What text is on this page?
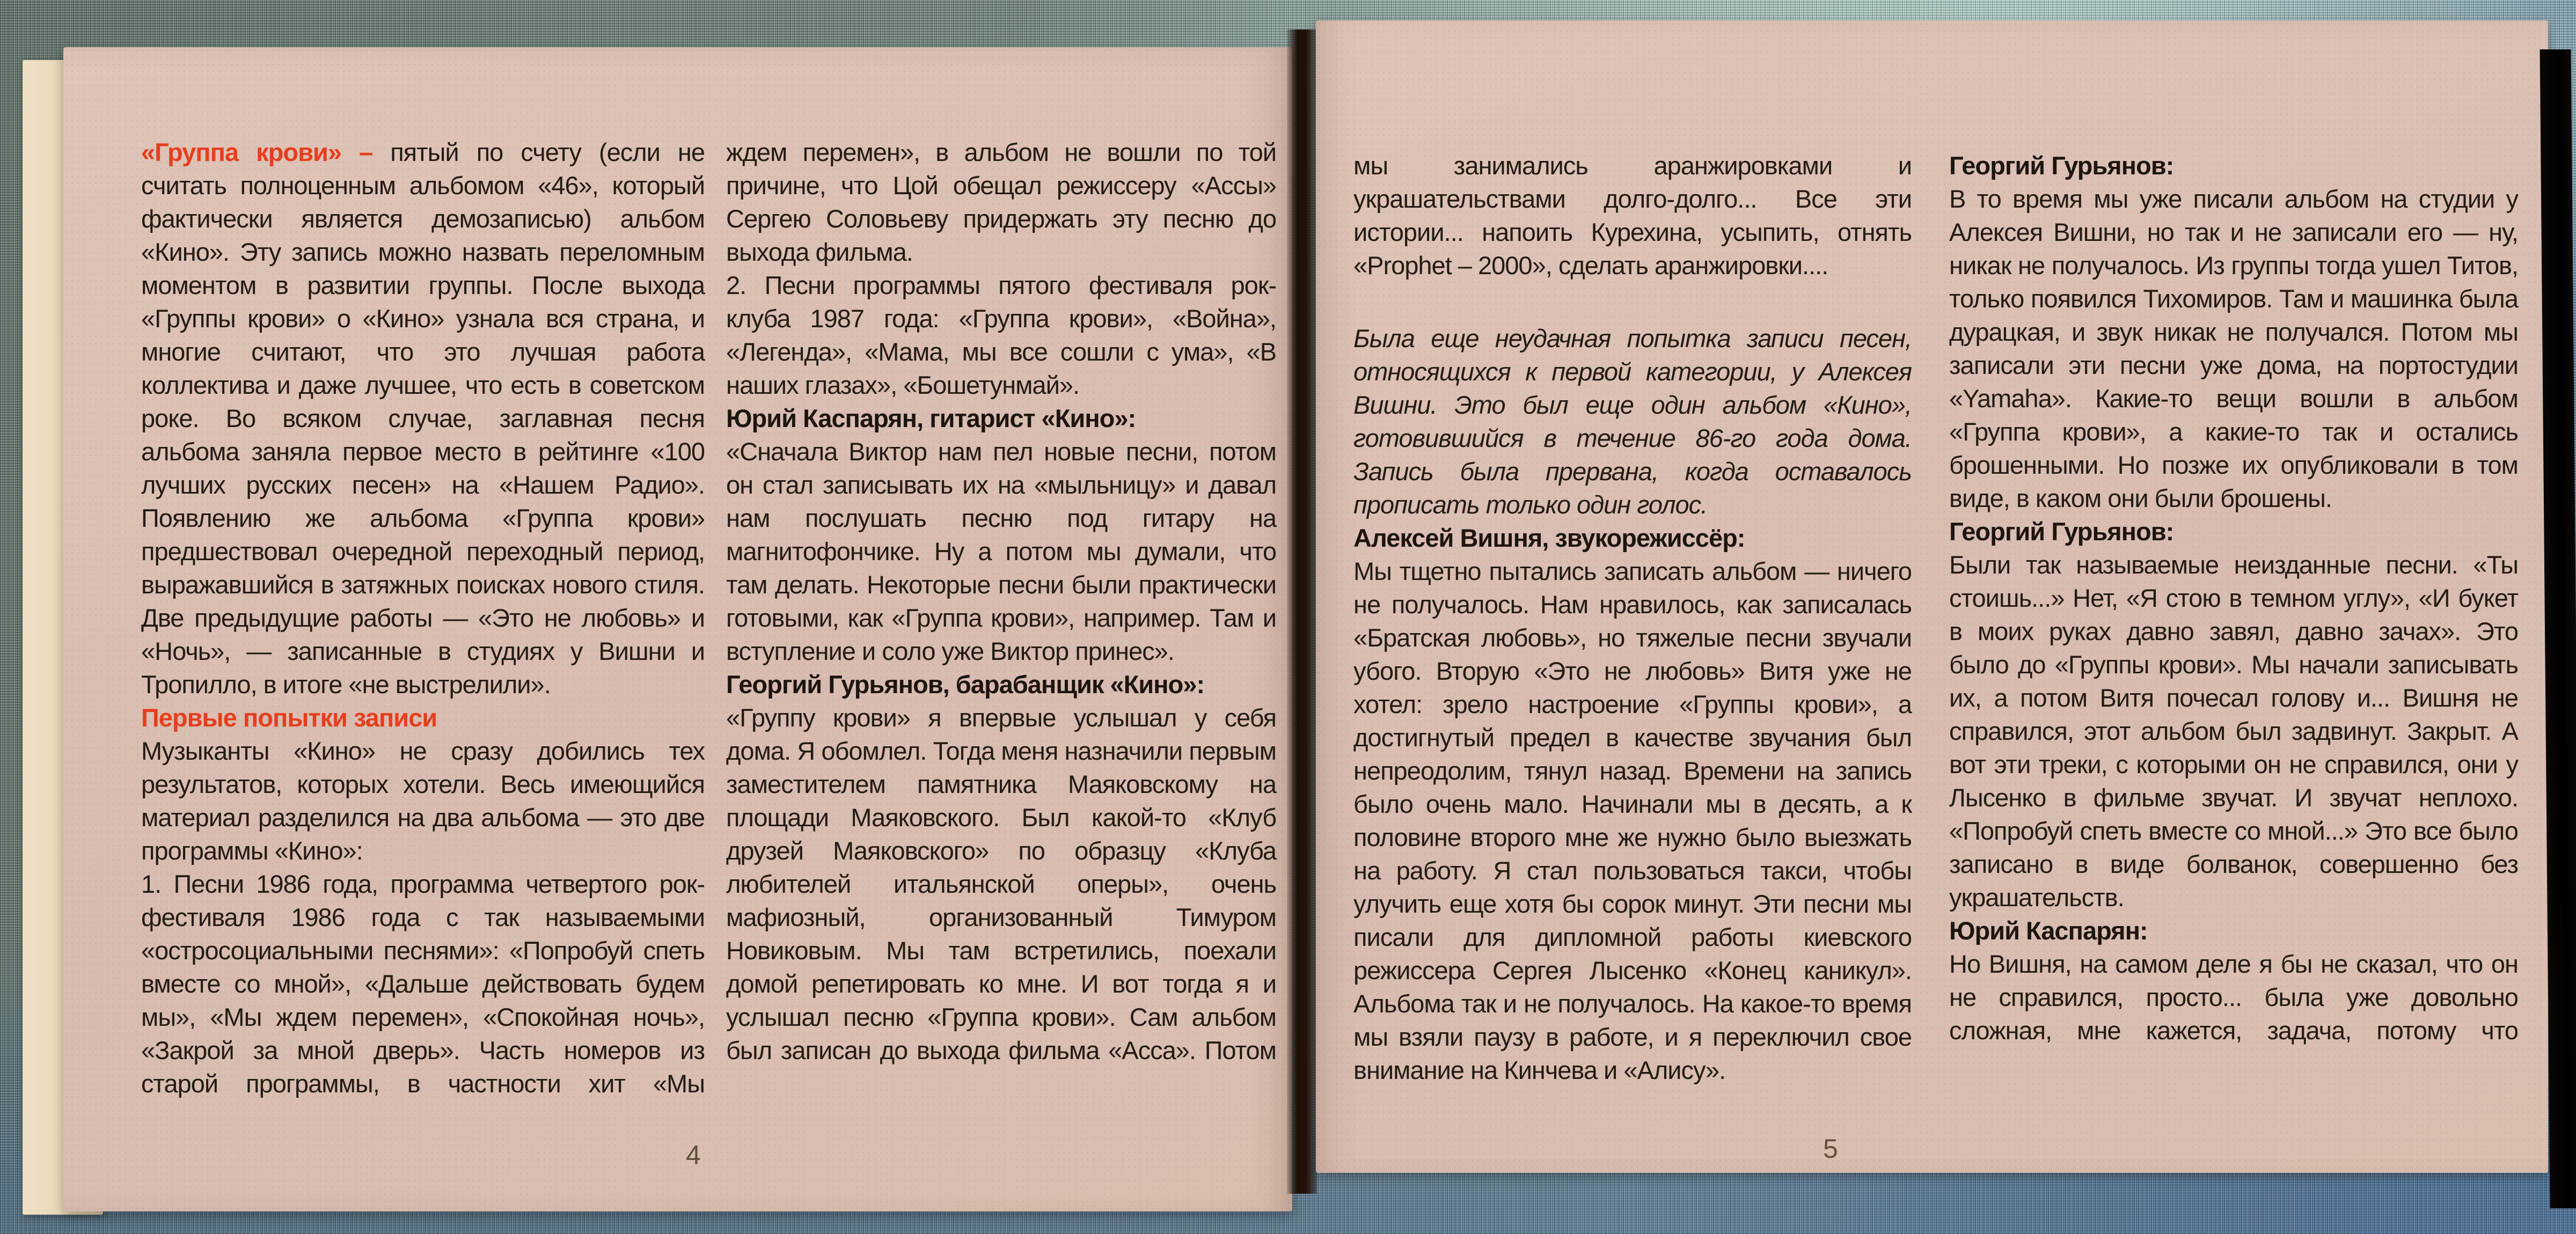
«Группа крови» – пятый по счету (если не считать полноценным альбомом «46», который фактически является демозаписью) альбом «Кино». Эту запись можно назвать переломным моментом в развитии группы. После выхода «Группы крови» о «Кино» узнала вся страна, и многие считают, что это лучшая работа коллектива и даже лучшее, что есть в советском роке. Во всяком случае, заглавная песня альбома заняла первое место в рейтинге «100 лучших русских песен» на «Нашем Радио». Появлению же альбома «Группа крови» предшествовал очередной переходный период, выражавшийся в затяжных поисках нового стиля. Две предыдущие работы — «Это не любовь» и «Ночь», — записанные в студиях у Вишни и Тропилло, в итоге «не выстрелили».

Первые попытки записи

Музыканты «Кино» не сразу добились тех результатов, которых хотели. Весь имеющийся материал разделился на два альбома — это две программы «Кино»:

1. Песни 1986 года, программа четвертого рок-фестиваля 1986 года с так называемыми «остросоциальными песнями»: «Попробуй спеть вместе со мной», «Дальше действовать будем мы», «Мы ждем перемен», «Спокойная ночь», «Закрой за мной дверь». Часть номеров из старой программы, в частности хит «Мы

ждем перемен», в альбом не вошли по той причине, что Цой обещал режиссеру «Ассы» Сергею Соловьеву придержать эту песню до выхода фильма.

2. Песни программы пятого фестиваля рок-клуба 1987 года: «Группа крови», «Война», «Легенда», «Мама, мы все сошли с ума», «В наших глазах», «Бошетунмай».

Юрий Каспарян, гитарист «Кино»:

«Сначала Виктор нам пел новые песни, потом он стал записывать их на «мыльницу» и давал нам послушать песню под гитару на магнитофончике. Ну а потом мы думали, что там делать. Некоторые песни были практически готовыми, как «Группа крови», например. Там и вступление и соло уже Виктор принес».

Георгий Гурьянов, барабанщик «Кино»:

«Группу крови» я впервые услышал у себя дома. Я обомлел. Тогда меня назначили первым заместителем памятника Маяковскому на площади Маяковского. Был какой-то «Клуб друзей Маяковского» по образцу «Клуба любителей итальянской оперы», очень мафиозный, организованный Тимуром Новиковым. Мы там встретились, поехали домой репетировать ко мне. И вот тогда я и услышал песню «Группа крови». Сам альбом был записан до выхода фильма «Асса». Потом

4

мы занимались аранжировками и украшательствами долго-долго... Все эти истории... напоить Курехина, усыпить, отнять «Prophet – 2000», сделать аранжировки....

Была еще неудачная попытка записи песен, относящихся к первой категории, у Алексея Вишни. Это был еще один альбом «Кино», готовившийся в течение 86-го года дома. Запись была прервана, когда оставалось прописать только один голос.

Алексей Вишня, звукорежиссёр:

Мы тщетно пытались записать альбом — ничего не получалось. Нам нравилось, как записалась «Братская любовь», но тяжелые песни звучали убого. Вторую «Это не любовь» Витя уже не хотел: зрело настроение «Группы крови», а достигнутый предел в качестве звучания был непреодолим, тянул назад. Времени на запись было очень мало. Начинали мы в десять, а к половине второго мне же нужно было выезжать на работу. Я стал пользоваться такси, чтобы улучить еще хотя бы сорок минут. Эти песни мы писали для дипломной работы киевского режиссера Сергея Лысенко «Конец каникул». Альбома так и не получалось. На какое-то время мы взяли паузу в работе, и я переключил свое внимание на Кинчева и «Алису».

Георгий Гурьянов:

В то время мы уже писали альбом на студии у Алексея Вишни, но так и не записали его — ну, никак не получалось. Из группы тогда ушел Титов, только появился Тихомиров. Там и машинка была дурацкая, и звук никак не получался. Потом мы записали эти песни уже дома, на портостудии «Yamaha». Какие-то вещи вошли в альбом «Группа крови», а какие-то так и остались брошенными. Но позже их опубликовали в том виде, в каком они были брошены.

Георгий Гурьянов:

Были так называемые неизданные песни. «Ты стоишь...» Нет, «Я стою в темном углу», «И букет в моих руках давно завял, давно зачах». Это было до «Группы крови». Мы начали записывать их, а потом Витя почесал голову и... Вишня не справился, этот альбом был задвинут. Закрыт. А вот эти треки, с которыми он не справился, они у Лысенко в фильме звучат. И звучат неплохо. «Попробуй спеть вместе со мной...» Это все было записано в виде болванок, совершенно без украшательств.

Юрий Каспарян:

Но Вишня, на самом деле я бы не сказал, что он не справился, просто... была уже довольно сложная, мне кажется, задача, потому что

5
